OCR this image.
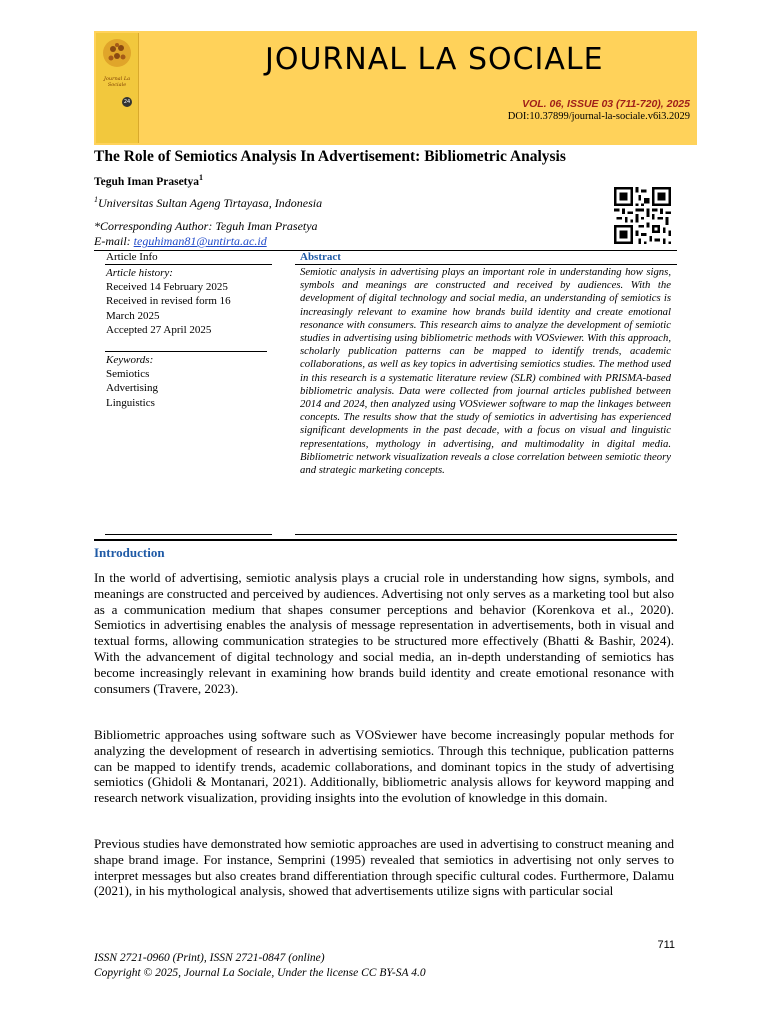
Journal La Sociale
24
JOURNAL LA SOCIALE
VOL. 06, ISSUE 03 (711-720), 2025
DOI:10.37899/journal-la-sociale.v6i3.2029
The Role of Semiotics Analysis In Advertisement: Bibliometric Analysis
Teguh Iman Prasetya$^1$
$^1$Universitas Sultan Ageng Tirtayasa, Indonesia
*Corresponding Author: Teguh Iman Prasetya
E-mail: teguhiman81@untirta.ac.id
Article Info	Abstract
Article history:
Received 14 February 2025
Received in revised form 16
March 2025
Accepted 27 April 2025
Keywords:
Semiotics
Advertising
Linguistics
Semiotic analysis in advertising plays an important role in understanding how signs, symbols and meanings are constructed and received by audiences. With the development of digital technology and social media, an understanding of semiotics is increasingly relevant to examine how brands build identity and create emotional resonance with consumers. This research aims to analyze the development of semiotic studies in advertising using bibliometric methods with VOSviewer. With this approach, scholarly publication patterns can be mapped to identify trends, academic collaborations, as well as key topics in advertising semiotics studies. The method used in this research is a systematic literature review (SLR) combined with PRISMA-based bibliometric analysis. Data were collected from journal articles published between 2014 and 2024, then analyzed using VOSviewer software to map the linkages between concepts. The results show that the study of semiotics in advertising has experienced significant developments in the past decade, with a focus on visual and linguistic representations, mythology in advertising, and multimodality in digital media. Bibliometric network visualization reveals a close correlation between semiotic theory and strategic marketing concepts.
Introduction
In the world of advertising, semiotic analysis plays a crucial role in understanding how signs, symbols, and meanings are constructed and perceived by audiences. Advertising not only serves as a marketing tool but also as a communication medium that shapes consumer perceptions and behavior (Korenkova et al., 2020). Semiotics in advertising enables the analysis of message representation in advertisements, both in visual and textual forms, allowing communication strategies to be structured more effectively (Bhatti & Bashir, 2024). With the advancement of digital technology and social media, an in-depth understanding of semiotics has become increasingly relevant in examining how brands build identity and create emotional resonance with consumers (Travere, 2023).
Bibliometric approaches using software such as VOSviewer have become increasingly popular methods for analyzing the development of research in advertising semiotics. Through this technique, publication patterns can be mapped to identify trends, academic collaborations, and dominant topics in the study of advertising semiotics (Ghidoli & Montanari, 2021). Additionally, bibliometric analysis allows for keyword mapping and research network visualization, providing insights into the evolution of knowledge in this domain.
Previous studies have demonstrated how semiotic approaches are used in advertising to construct meaning and shape brand image. For instance, Semprini (1995) revealed that semiotics in advertising not only serves to interpret messages but also creates brand differentiation through specific cultural codes. Furthermore, Dalamu (2021), in his mythological analysis, showed that advertisements utilize signs with particular social
711
ISSN 2721-0960 (Print), ISSN 2721-0847 (online)
Copyright © 2025, Journal La Sociale, Under the license CC BY-SA 4.0
